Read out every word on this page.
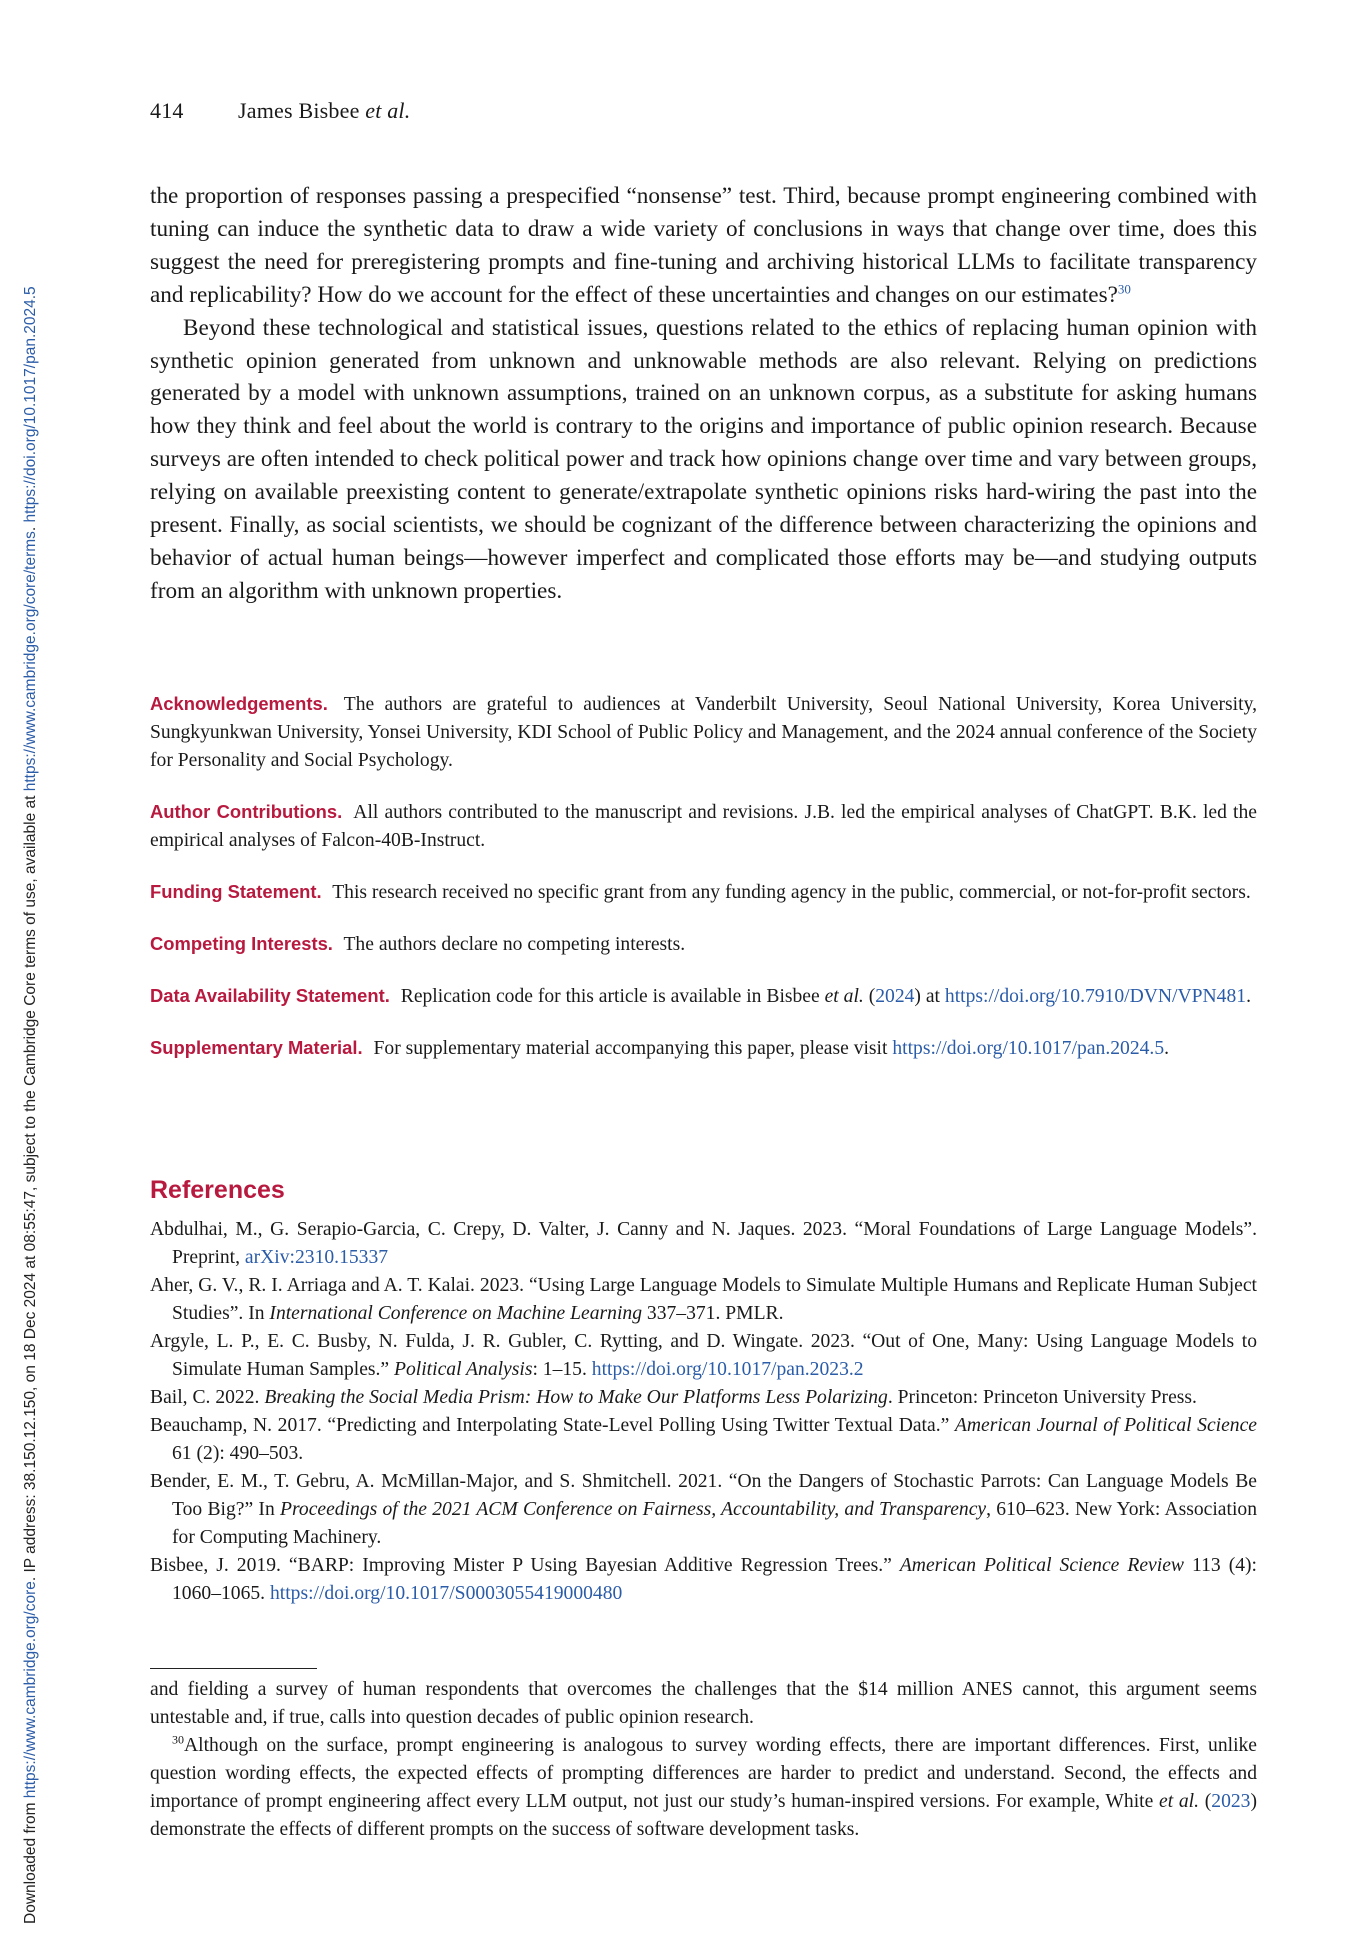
Downloaded from https://www.cambridge.org/core. IP address: 38.150.12.150, on 18 Dec 2024 at 08:55:47, subject to the Cambridge Core terms of use, available at https://www.cambridge.org/core/terms. https://doi.org/10.1017/pan.2024.5
414 James Bisbee et al.

the proportion of responses passing a prespecified “nonsense” test. Third, because prompt engineering combined with tuning can induce the synthetic data to draw a wide variety of conclusions in ways that change over time, does this suggest the need for preregistering prompts and fine-tuning and archiving historical LLMs to facilitate transparency and replicability? How do we account for the effect of these uncertainties and changes on our estimates?$^{30}$

Beyond these technological and statistical issues, questions related to the ethics of replacing human opinion with synthetic opinion generated from unknown and unknowable methods are also relevant. Relying on predictions generated by a model with unknown assumptions, trained on an unknown corpus, as a substitute for asking humans how they think and feel about the world is contrary to the origins and importance of public opinion research. Because surveys are often intended to check political power and track how opinions change over time and vary between groups, relying on available preexisting content to generate/extrapolate synthetic opinions risks hard-wiring the past into the present. Finally, as social scientists, we should be cognizant of the difference between characterizing the opinions and behavior of actual human beings—however imperfect and complicated those efforts may be—and studying outputs from an algorithm with unknown properties.

Acknowledgements. The authors are grateful to audiences at Vanderbilt University, Seoul National University, Korea University, Sungkyunkwan University, Yonsei University, KDI School of Public Policy and Management, and the 2024 annual conference of the Society for Personality and Social Psychology.

Author Contributions. All authors contributed to the manuscript and revisions. J.B. led the empirical analyses of ChatGPT. B.K. led the empirical analyses of Falcon-40B-Instruct.

Funding Statement. This research received no specific grant from any funding agency in the public, commercial, or not-for-profit sectors.

Competing Interests. The authors declare no competing interests.

Data Availability Statement. Replication code for this article is available in Bisbee et al. (2024) at https://doi.org/10.7910/DVN/VPN481.

Supplementary Material. For supplementary material accompanying this paper, please visit https://doi.org/10.1017/pan.2024.5.

References
Abdulhai, M., G. Serapio-Garcia, C. Crepy, D. Valter, J. Canny and N. Jaques. 2023. “Moral Foundations of Large Language Models”. Preprint, arXiv:2310.15337
Aher, G. V., R. I. Arriaga and A. T. Kalai. 2023. “Using Large Language Models to Simulate Multiple Humans and Replicate Human Subject Studies”. In International Conference on Machine Learning 337–371. PMLR.
Argyle, L. P., E. C. Busby, N. Fulda, J. R. Gubler, C. Rytting, and D. Wingate. 2023. “Out of One, Many: Using Language Models to Simulate Human Samples.” Political Analysis: 1–15. https://doi.org/10.1017/pan.2023.2
Bail, C. 2022. Breaking the Social Media Prism: How to Make Our Platforms Less Polarizing. Princeton: Princeton University Press.
Beauchamp, N. 2017. “Predicting and Interpolating State-Level Polling Using Twitter Textual Data.” American Journal of Political Science 61 (2): 490–503.
Bender, E. M., T. Gebru, A. McMillan-Major, and S. Shmitchell. 2021. “On the Dangers of Stochastic Parrots: Can Language Models Be Too Big?” In Proceedings of the 2021 ACM Conference on Fairness, Accountability, and Transparency, 610–623. New York: Association for Computing Machinery.
Bisbee, J. 2019. “BARP: Improving Mister P Using Bayesian Additive Regression Trees.” American Political Science Review 113 (4): 1060–1065. https://doi.org/10.1017/S0003055419000480

and fielding a survey of human respondents that overcomes the challenges that the $14 million ANES cannot, this argument seems untestable and, if true, calls into question decades of public opinion research.

$^{30}$Although on the surface, prompt engineering is analogous to survey wording effects, there are important differences. First, unlike question wording effects, the expected effects of prompting differences are harder to predict and understand. Second, the effects and importance of prompt engineering affect every LLM output, not just our study’s human-inspired versions. For example, White et al. (2023) demonstrate the effects of different prompts on the success of software development tasks.
